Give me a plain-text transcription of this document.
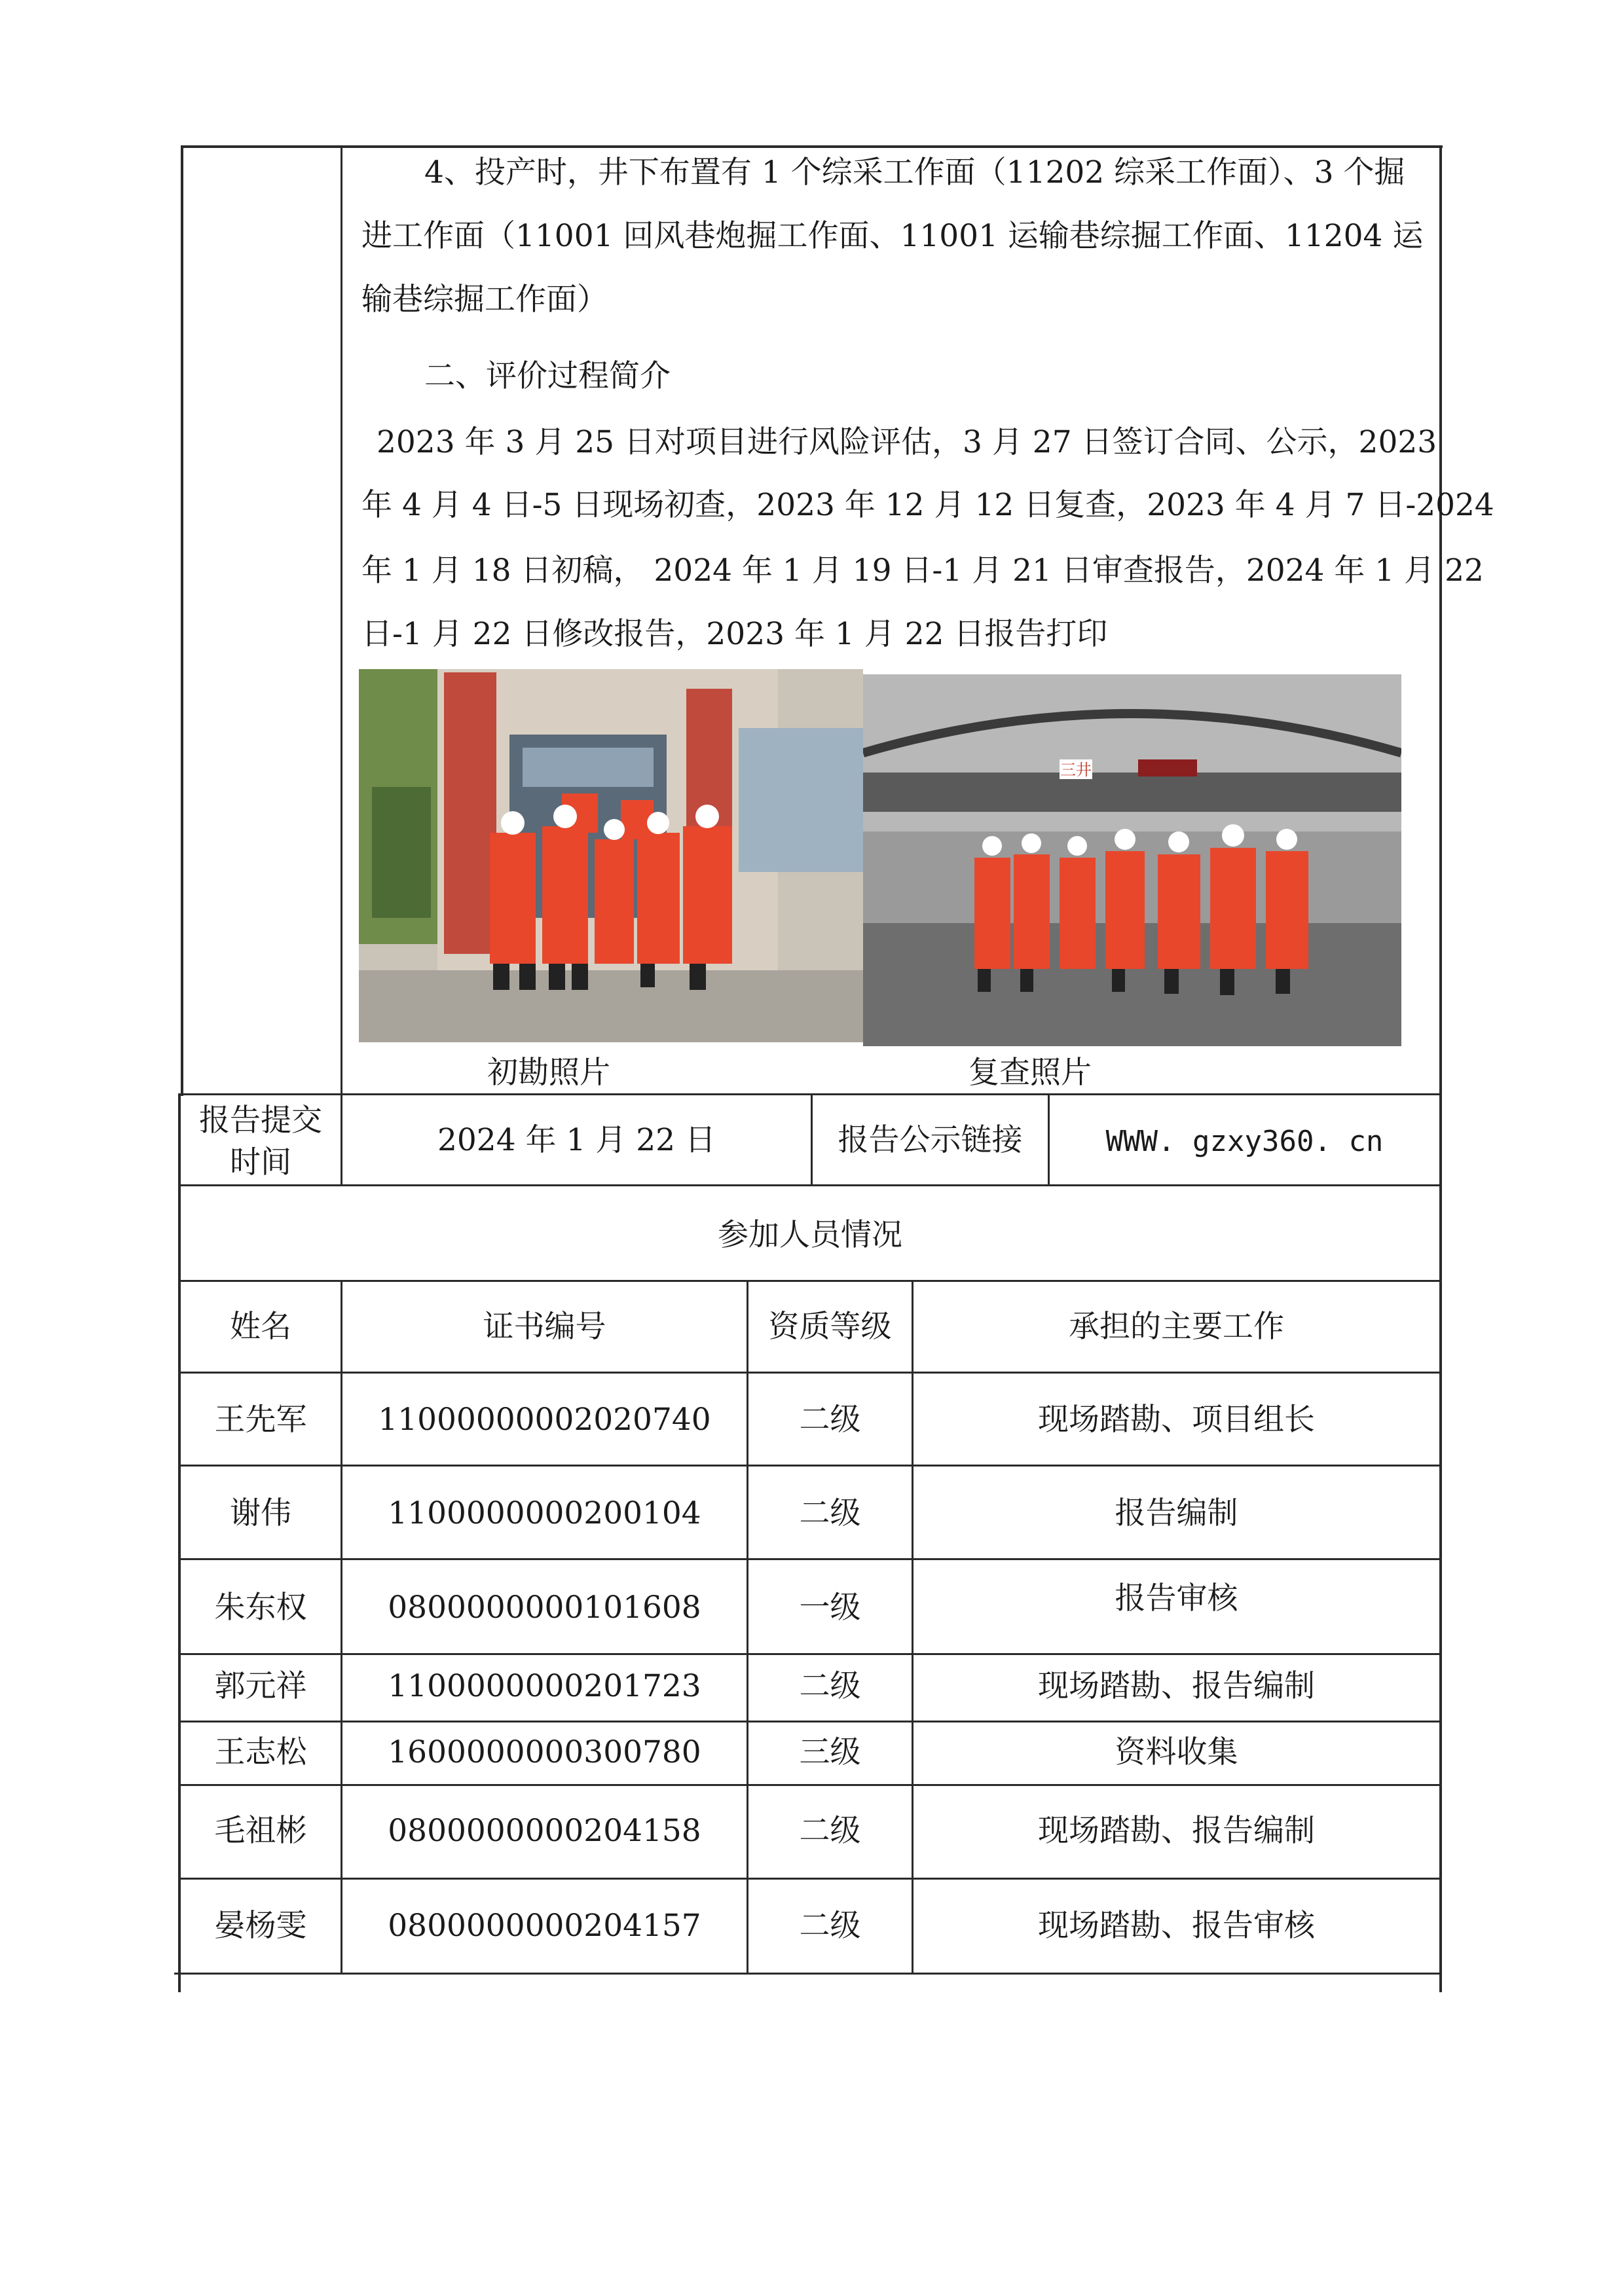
4、投产时，井下布置有 1 个综采工作面（11202 综采工作面）、3 个掘
进工作面（11001 回风巷炮掘工作面、11001 运输巷综掘工作面、11204 运
输巷综掘工作面）
二、评价过程简介
2023 年 3 月 25 日对项目进行风险评估，3 月 27 日签订合同、公示，2023
年 4 月 4 日-5 日现场初查，2023 年 12 月 12 日复查，2023 年 4 月 7 日-2024
年 1 月 18 日初稿， 2024 年 1 月 19 日-1 月 21 日审查报告，2024 年 1 月 22
日-1 月 22 日修改报告，2023 年 1 月 22 日报告打印
初勘照片
三井
复查照片
报告提交
时间
2024 年 1 月 22 日	报告公示链接	WWW. gzxy360. cn
参加人员情况
姓名	证书编号	资质等级	承担的主要工作
王先军	11000000002020740	二级	现场踏勘、项目组长
谢伟	1100000000200104	二级	报告编制
朱东权	0800000000101608	一级	报告审核
郭元祥	1100000000201723	二级	现场踏勘、报告编制
王志松	1600000000300780	三级	资料收集
毛祖彬	0800000000204158	二级	现场踏勘、报告编制
晏杨雯	0800000000204157	二级	现场踏勘、报告审核
